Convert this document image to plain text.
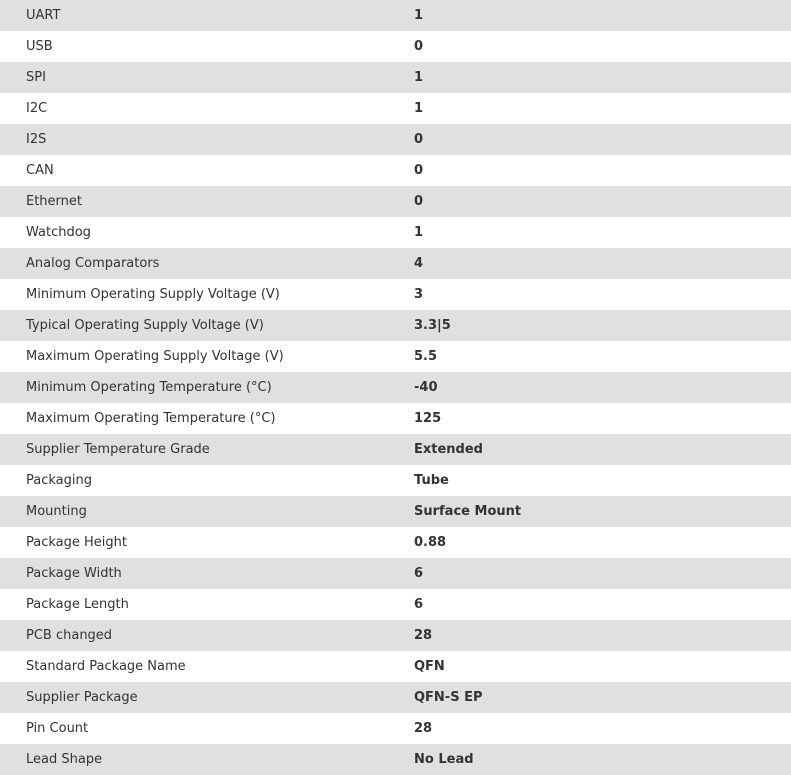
UART	1
USB	0
SPI	1
I2C	1
I2S	0
CAN	0
Ethernet	0
Watchdog	1
Analog Comparators	4
Minimum Operating Supply Voltage (V)	3
Typical Operating Supply Voltage (V)	3.3|5
Maximum Operating Supply Voltage (V)	5.5
Minimum Operating Temperature (°C)	-40
Maximum Operating Temperature (°C)	125
Supplier Temperature Grade	Extended
Packaging	Tube
Mounting	Surface Mount
Package Height	0.88
Package Width	6
Package Length	6
PCB changed	28
Standard Package Name	QFN
Supplier Package	QFN-S EP
Pin Count	28
Lead Shape	No Lead
